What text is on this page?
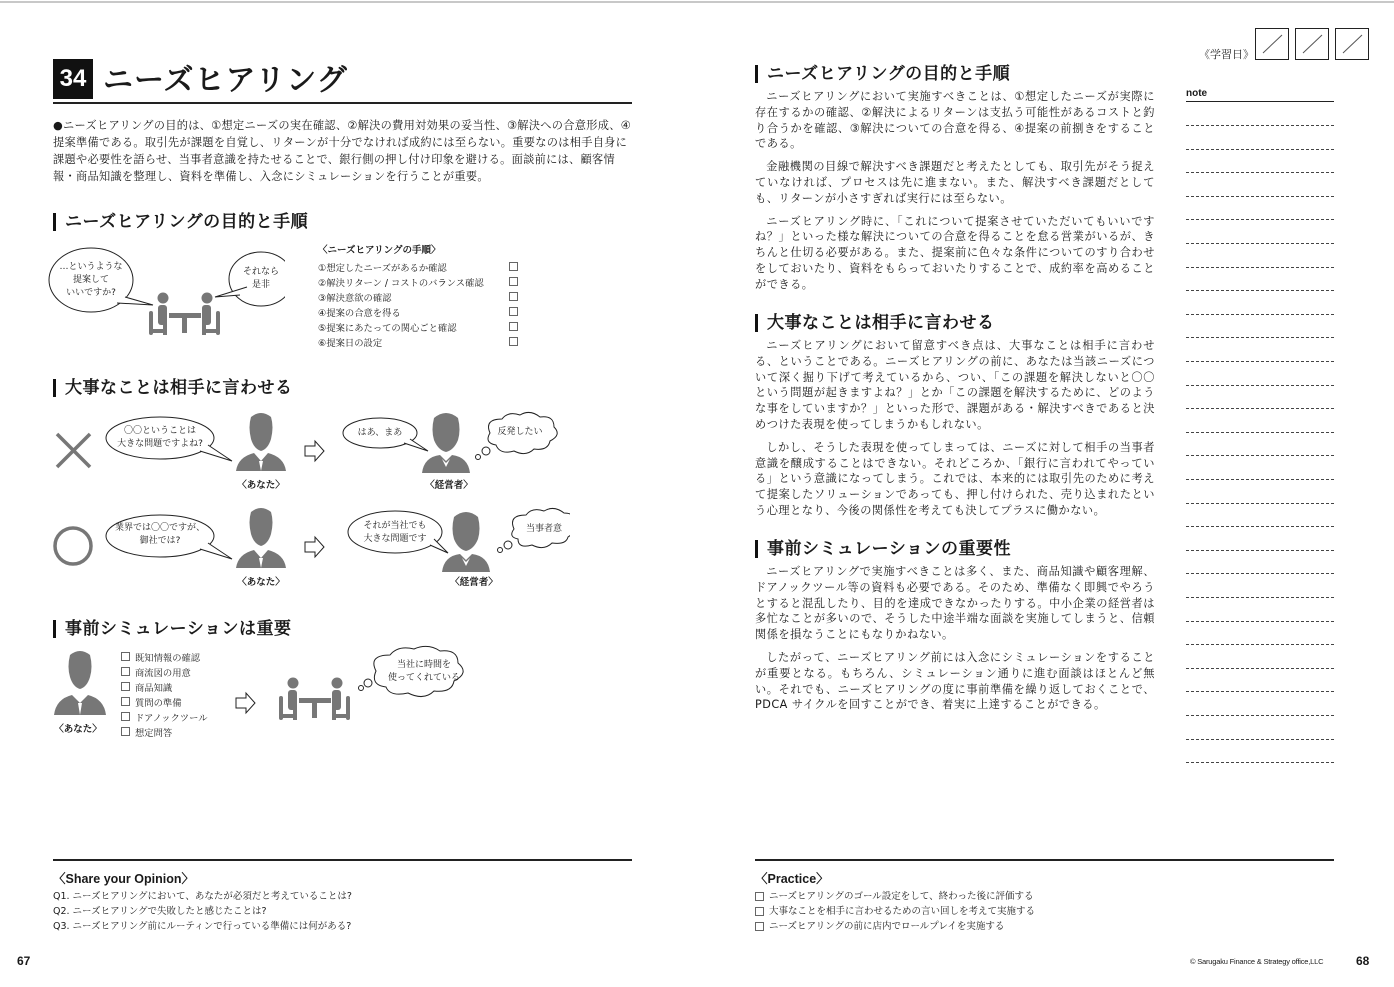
34 ニーズヒアリング
●ニーズヒアリングの目的は、①想定ニーズの実在確認、②解決の費用対効果の妥当性、③解決への合意形成、④提案準備である。取引先が課題を自覚し、リターンが十分でなければ成約には至らない。重要なのは相手自身に課題や必要性を語らせ、当事者意識を持たせることで、銀行側の押し付け印象を避ける。面談前には、顧客情報・商品知識を整理し、資料を準備し、入念にシミュレーションを行うことが重要。
ニーズヒアリングの目的と手順
…というような
提案して
いいですか?
それなら
是非
〈ニーズヒアリングの手順〉
①想定したニーズがあるか確認
②解決リターン / コストのバランス確認
③解決意欲の確認
④提案の合意を得る
⑤提案にあたっての関心ごと確認
⑥提案日の設定
大事なことは相手に言わせる
〇〇ということは
大きな問題ですよね?
〈あなた〉
はあ、まあ	反発したい
〈経営者〉
業界では〇〇ですが、
御社では?
〈あなた〉
それが当社でも
大きな問題です
当事者意
〈経営者〉
事前シミュレーションは重要
〈あなた〉
既知情報の確認
商流図の用意
商品知識
質問の準備
ドアノックツール
想定問答
当社に時間を
使ってくれている
〈Share your Opinion〉
Q1. ニーズヒアリングにおいて、あなたが必須だと考えていることは?
Q2. ニーズヒアリングで失敗したと感じたことは?
Q3. ニーズヒアリング前にルーティンで行っている準備には何がある?
67
《学習日》
note
ニーズヒアリングの目的と手順

ニーズヒアリングにおいて実施すべきことは、①想定したニーズが実際に存在するかの確認、②解決によるリターンは支払う可能性があるコストと釣り合うかを確認、③解決についての合意を得る、④提案の前捌きをすることである。

金融機関の目線で解決すべき課題だと考えたとしても、取引先がそう捉えていなければ、プロセスは先に進まない。また、解決すべき課題だとしても、リターンが小さすぎれば実行には至らない。

ニーズヒアリング時に、「これについて提案させていただいてもいいですね？」といった様な解決についての合意を得ることを怠る営業がいるが、きちんと仕切る必要がある。また、提案前に色々な条件についてのすり合わせをしておいたり、資料をもらっておいたりすることで、成約率を高めることができる。

大事なことは相手に言わせる

ニーズヒアリングにおいて留意すべき点は、大事なことは相手に言わせる、ということである。ニーズヒアリングの前に、あなたは当該ニーズについて深く掘り下げて考えているから、つい、「この課題を解決しないと〇〇という問題が起きますよね？」とか「この課題を解決するために、どのような事をしていますか？」といった形で、課題がある・解決すべきであると決めつけた表現を使ってしまうかもしれない。

しかし、そうした表現を使ってしまっては、ニーズに対して相手の当事者意識を醸成することはできない。それどころか、「銀行に言われてやっている」という意識になってしまう。これでは、本来的には取引先のために考えて提案したソリューションであっても、押し付けられた、売り込まれたという心理となり、今後の関係性を考えても決してプラスに働かない。

事前シミュレーションの重要性

ニーズヒアリングで実施すべきことは多く、また、商品知識や顧客理解、ドアノックツール等の資料も必要である。そのため、準備なく即興でやろうとすると混乱したり、目的を達成できなかったりする。中小企業の経営者は多忙なことが多いので、そうした中途半端な面談を実施してしまうと、信頼関係を損なうことにもなりかねない。

したがって、ニーズヒアリング前には入念にシミュレーションをすることが重要となる。もちろん、シミュレーション通りに進む面談はほとんど無い。それでも、ニーズヒアリングの度に事前準備を繰り返しておくことで、PDCA サイクルを回すことができ、着実に上達することができる。

〈Practice〉
ニーズヒアリングのゴール設定をして、終わった後に評価する
大事なことを相手に言わせるための言い回しを考えて実施する
ニーズヒアリングの前に店内でロールプレイを実施する
© Sarugaku Finance & Strategy office,LLC	68
